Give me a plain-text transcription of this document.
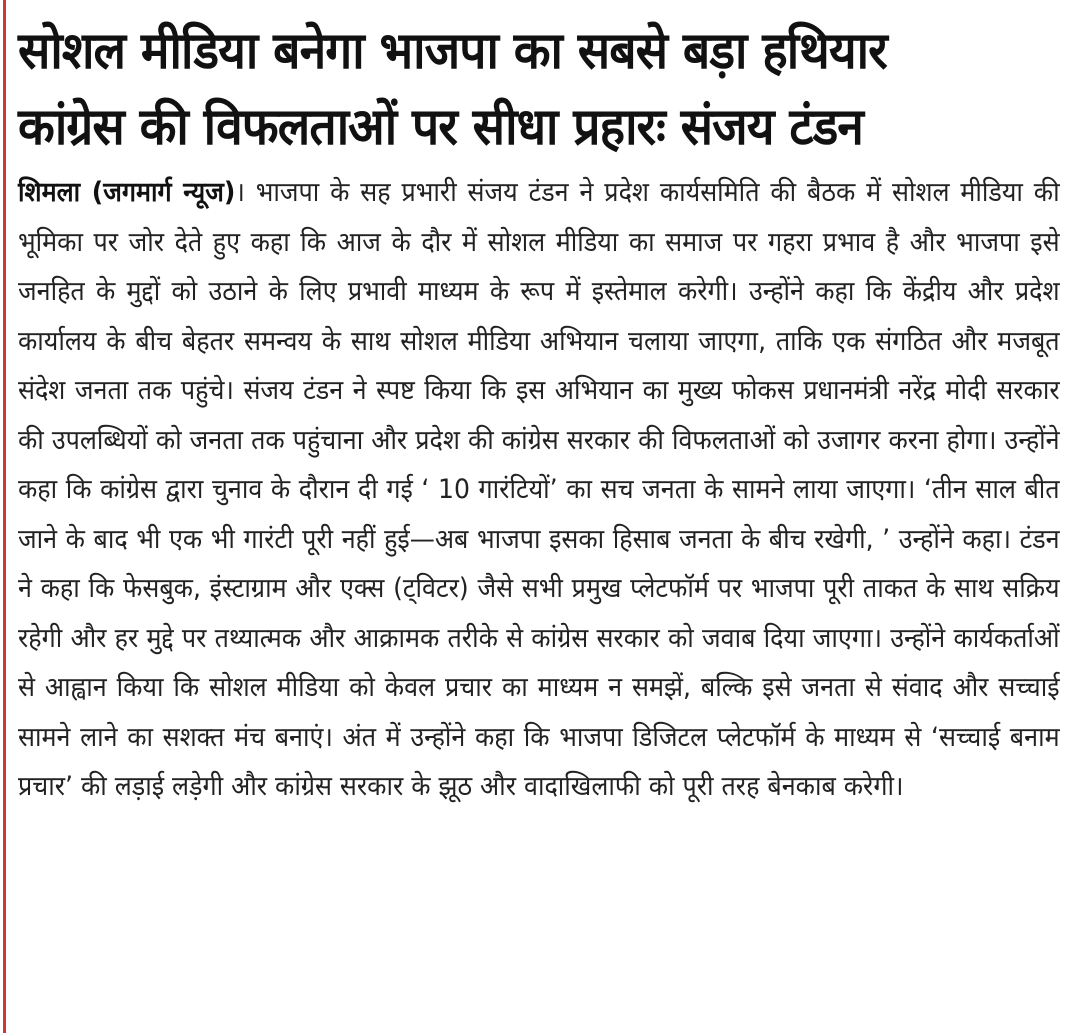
सोशल मीडिया बनेगा भाजपा का सबसे बड़ा हथियार
कांग्रेस की विफलताओं पर सीधा प्रहारः संजय टंडन

शिमला (जगमार्ग न्यूज)। भाजपा के सह प्रभारी संजय टंडन ने प्रदेश कार्यसमिति की बैठक में सोशल मीडिया की भूमिका पर जोर देते हुए कहा कि आज के दौर में सोशल मीडिया का समाज पर गहरा प्रभाव है और भाजपा इसे जनहित के मुद्दों को उठाने के लिए प्रभावी माध्यम के रूप में इस्तेमाल करेगी। उन्होंने कहा कि केंद्रीय और प्रदेश कार्यालय के बीच बेहतर समन्वय के साथ सोशल मीडिया अभियान चलाया जाएगा, ताकि एक संगठित और मजबूत संदेश जनता तक पहुंचे। संजय टंडन ने स्पष्ट किया कि इस अभियान का मुख्य फोकस प्रधानमंत्री नरेंद्र मोदी सरकार की उपलब्धियों को जनता तक पहुंचाना और प्रदेश की कांग्रेस सरकार की विफलताओं को उजागर करना होगा। उन्होंने कहा कि कांग्रेस द्वारा चुनाव के दौरान दी गई ‘ 10 गारंटियों’ का सच जनता के सामने लाया जाएगा। ‘तीन साल बीत जाने के बाद भी एक भी गारंटी पूरी नहीं हुई—अब भाजपा इसका हिसाब जनता के बीच रखेगी, ’ उन्होंने कहा। टंडन ने कहा कि फेसबुक, इंस्टाग्राम और एक्स (ट्विटर) जैसे सभी प्रमुख प्लेटफॉर्म पर भाजपा पूरी ताकत के साथ सक्रिय रहेगी और हर मुद्दे पर तथ्यात्मक और आक्रामक तरीके से कांग्रेस सरकार को जवाब दिया जाएगा। उन्होंने कार्यकर्ताओं से आह्वान किया कि सोशल मीडिया को केवल प्रचार का माध्यम न समझें, बल्कि इसे जनता से संवाद और सच्चाई सामने लाने का सशक्त मंच बनाएं। अंत में उन्होंने कहा कि भाजपा डिजिटल प्लेटफॉर्म के माध्यम से ‘सच्चाई बनाम प्रचार’ की लड़ाई लड़ेगी और कांग्रेस सरकार के झूठ और वादाखिलाफी को पूरी तरह बेनकाब करेगी।
